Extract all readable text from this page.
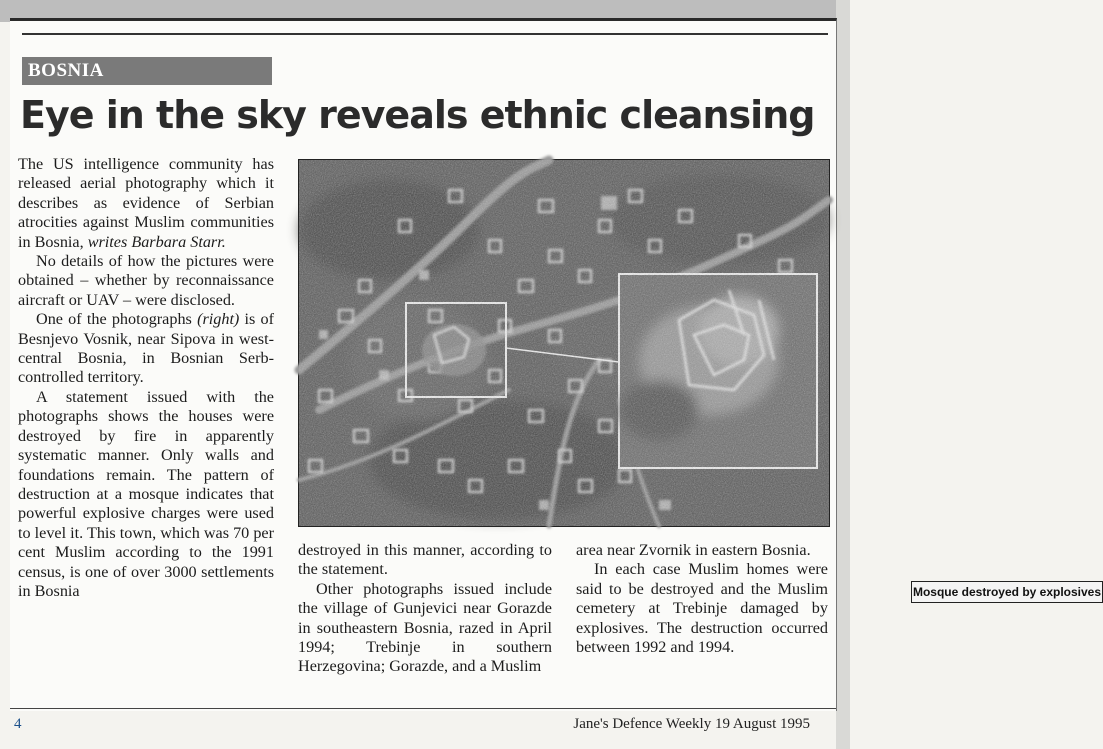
BOSNIA
Eye in the sky reveals ethnic cleansing

The US intelligence community has released aerial photography which it describes as evidence of Serbian atrocities against Muslim communities in Bosnia, writes Barbara Starr.

No details of how the pictures were obtained – whether by reconnaissance aircraft or UAV – were disclosed.

One of the photographs (right) is of Besnjevo Vosnik, near Sipova in west-central Bosnia, in Bosnian Serb-controlled territory.

A statement issued with the photographs shows the houses were destroyed by fire in apparently systematic manner. Only walls and foundations remain. The pattern of destruction at a mosque indicates that powerful explosive charges were used to level it. This town, which was 70 per cent Muslim according to the 1991 census, is one of over 3000 settlements in Bosnia	Mosque destroyed by explosives

destroyed in this manner, according to the statement.

Other photographs issued include the village of Gunjevici near Gorazde in southeastern Bosnia, razed in April 1994; Trebinje in southern Herzegovina; Gorazde, and a Muslim

area near Zvornik in eastern Bosnia.

In each case Muslim homes were said to be destroyed and the Muslim cemetery at Trebinje damaged by explosives. The destruction occurred between 1992 and 1994.

4	Jane's Defence Weekly 19 August 1995
